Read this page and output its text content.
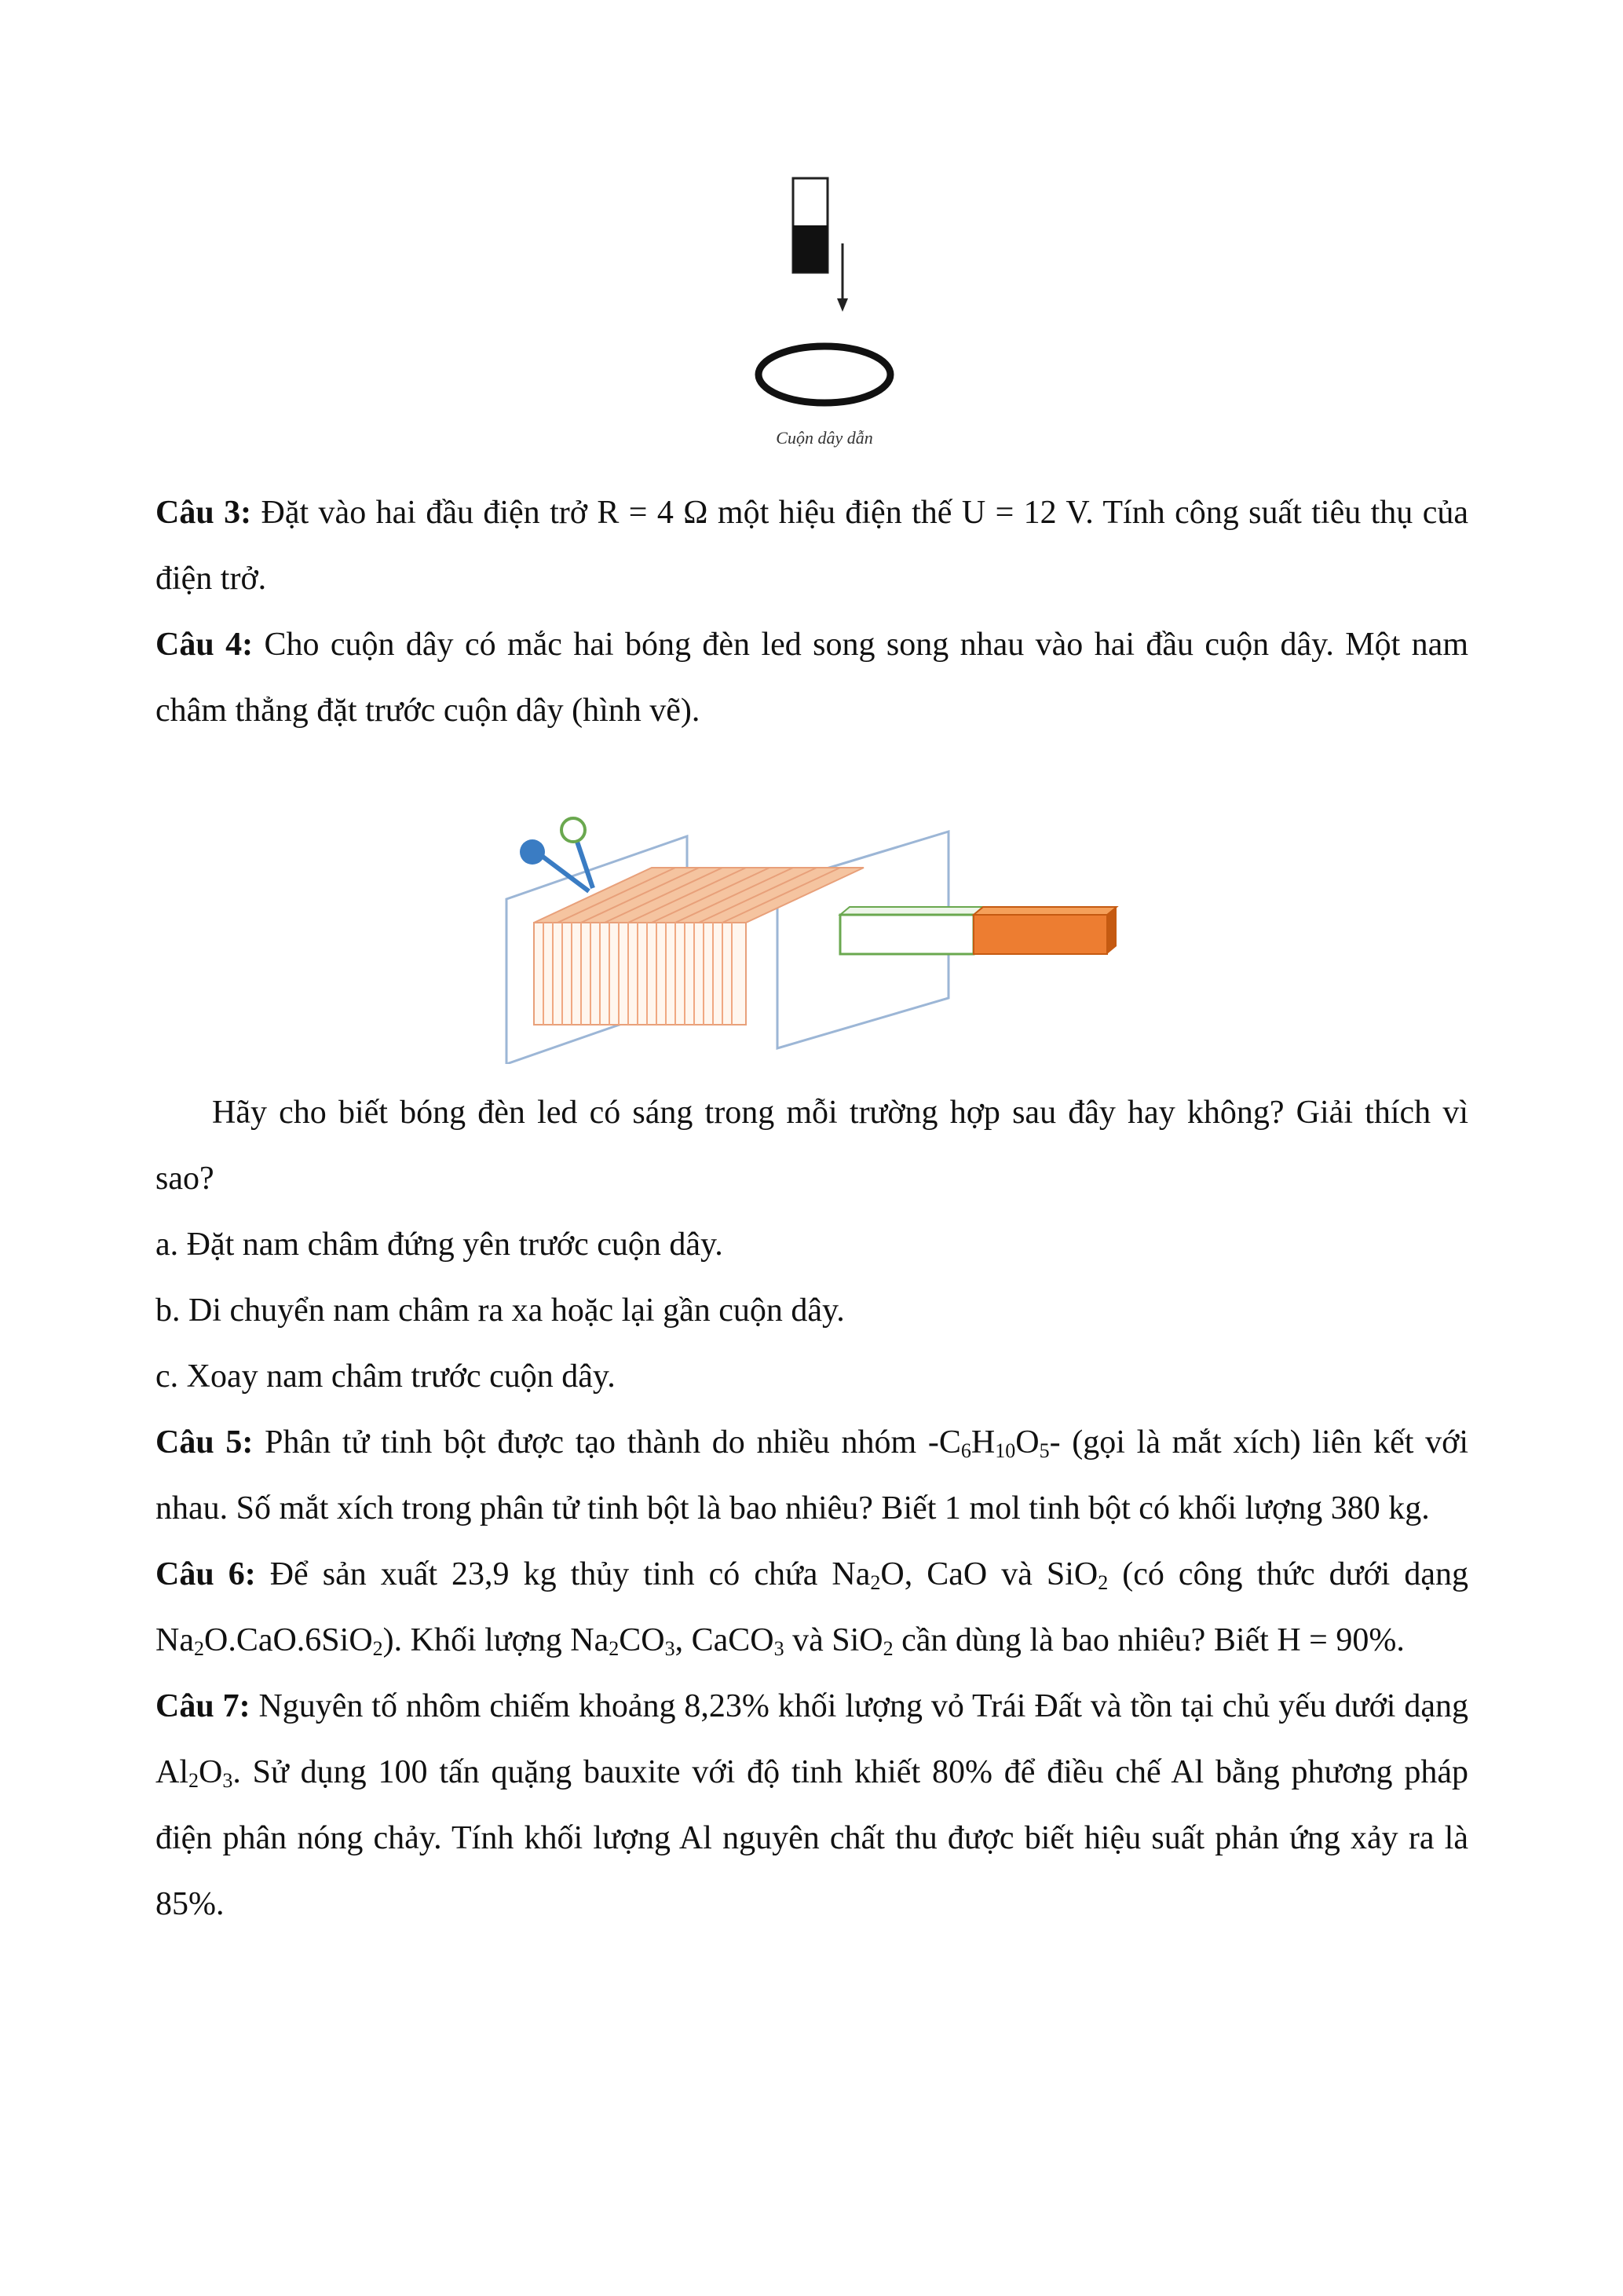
Cuộn dây dẫn

Câu 3: Đặt vào hai đầu điện trở R = 4 Ω một hiệu điện thế U = 12 V. Tính công suất tiêu thụ của điện trở.

Câu 4: Cho cuộn dây có mắc hai bóng đèn led song song nhau vào hai đầu cuộn dây. Một nam châm thẳng đặt trước cuộn dây (hình vẽ).

Hãy cho biết bóng đèn led có sáng trong mỗi trường hợp sau đây hay không? Giải thích vì sao?

a. Đặt nam châm đứng yên trước cuộn dây.

b. Di chuyển nam châm ra xa hoặc lại gần cuộn dây.

c. Xoay nam châm trước cuộn dây.

Câu 5: Phân tử tinh bột được tạo thành do nhiều nhóm $-C_6H_{10}O_5-$ (gọi là mắt xích) liên kết với nhau. Số mắt xích trong phân tử tinh bột là bao nhiêu? Biết 1 mol tinh bột có khối lượng 380 kg.

Câu 6: Để sản xuất 23,9 kg thủy tinh có chứa $Na_2O$, CaO và SiO$_2$ (có công thức dưới dạng $Na_2O.CaO.6SiO_2$). Khối lượng $Na_2CO_3$, CaCO$_3$ và SiO$_2$ cần dùng là bao nhiêu? Biết H = 90%.

Câu 7: Nguyên tố nhôm chiếm khoảng 8,23% khối lượng vỏ Trái Đất và tồn tại chủ yếu dưới dạng $Al_2O_3$. Sử dụng 100 tấn quặng bauxite với độ tinh khiết 80% để điều chế Al bằng phương pháp điện phân nóng chảy. Tính khối lượng Al nguyên chất thu được biết hiệu suất phản ứng xảy ra là 85%.
